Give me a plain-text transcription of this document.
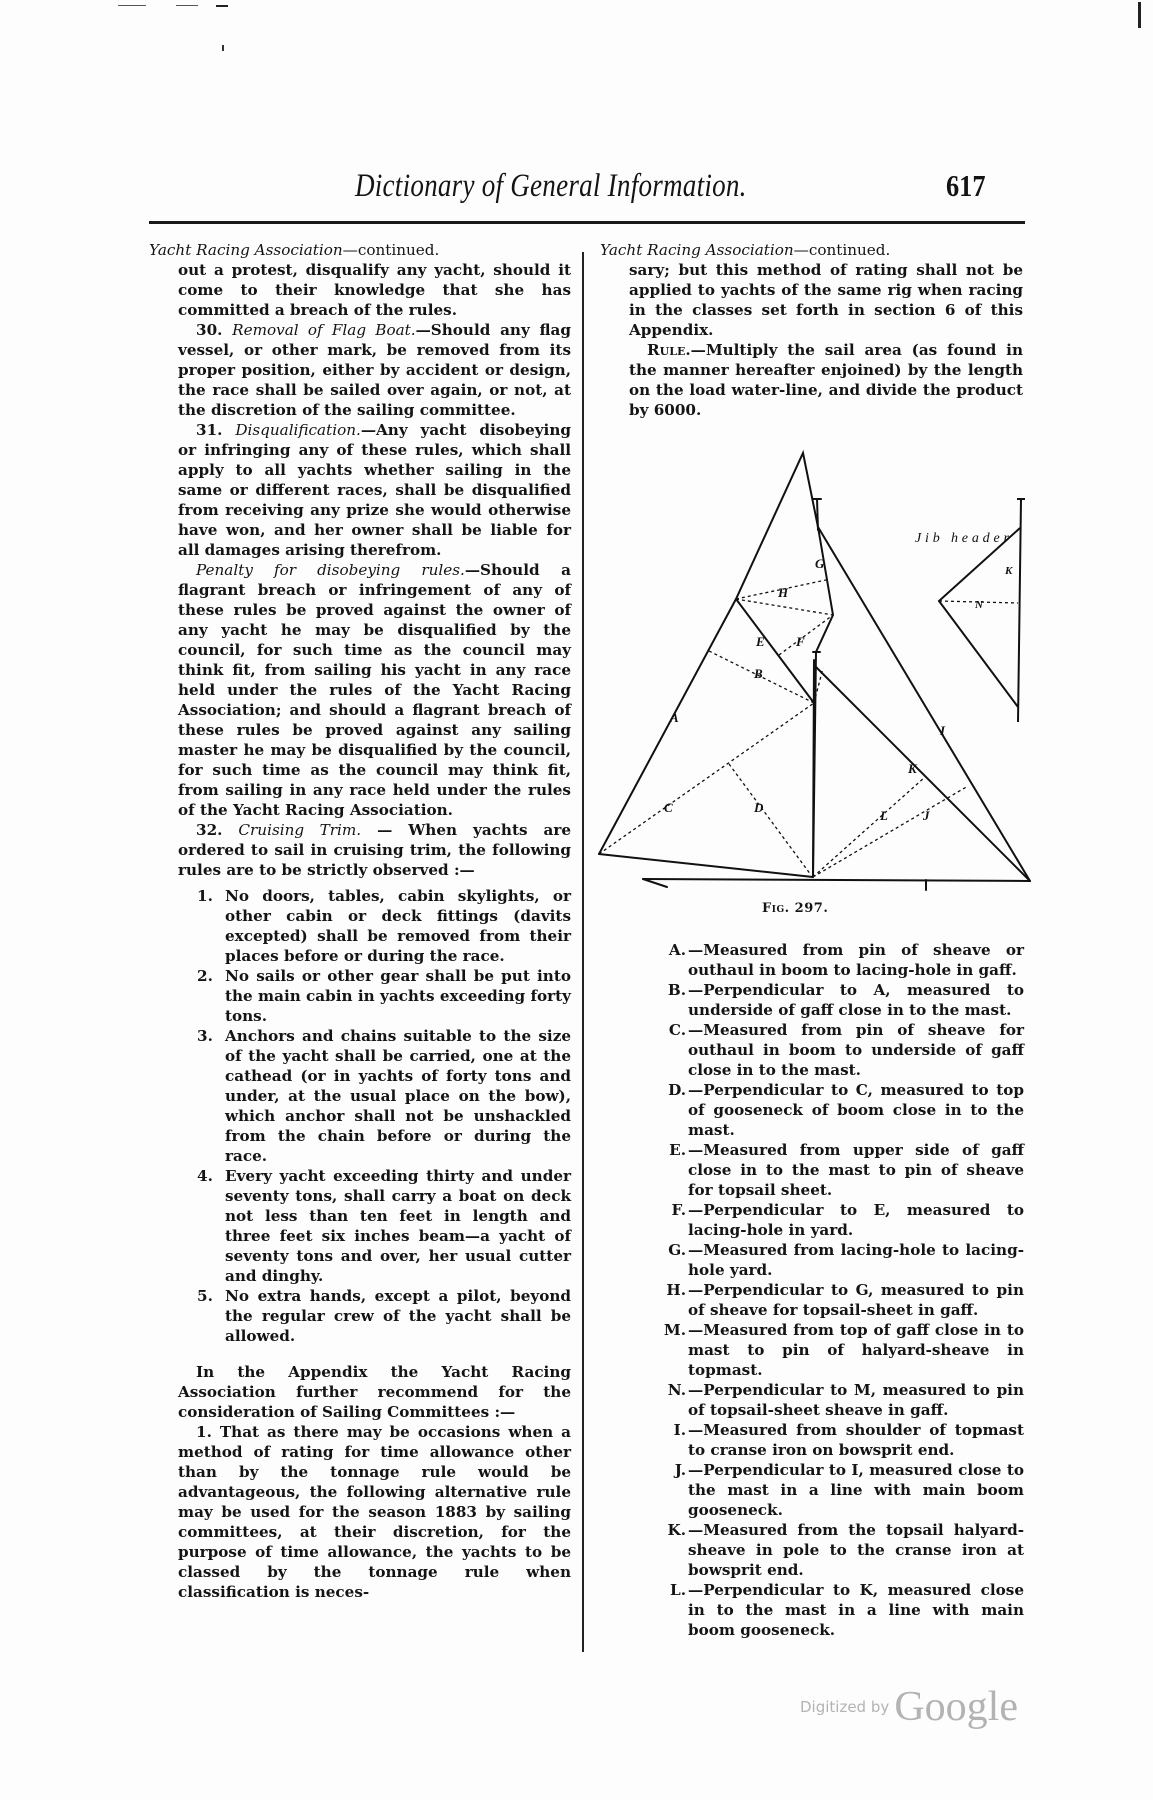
Dictionary of General Information.	617

Yacht Racing Association—continued.

out a protest, disqualify any yacht, should it come to their knowledge that she has committed a breach of the rules.

30. Removal of Flag Boat.—Should any flag vessel, or other mark, be removed from its proper position, either by accident or design, the race shall be sailed over again, or not, at the discretion of the sailing committee.

31. Disqualification.—Any yacht disobeying or infringing any of these rules, which shall apply to all yachts whether sailing in the same or different races, shall be disqualified from receiving any prize she would otherwise have won, and her owner shall be liable for all damages arising therefrom.

Penalty for disobeying rules.—Should a flagrant breach or infringement of any of these rules be proved against the owner of any yacht he may be disqualified by the council, for such time as the council may think fit, from sailing his yacht in any race held under the rules of the Yacht Racing Association; and should a flagrant breach of these rules be proved against any sailing master he may be disqualified by the council, for such time as the council may think fit, from sailing in any race held under the rules of the Yacht Racing Association.

32. Cruising Trim. — When yachts are ordered to sail in cruising trim, the following rules are to be strictly observed :—

1. No doors, tables, cabin skylights, or other cabin or deck fittings (davits excepted) shall be removed from their places before or during the race.
2. No sails or other gear shall be put into the main cabin in yachts exceeding forty tons.
3. Anchors and chains suitable to the size of the yacht shall be carried, one at the cathead (or in yachts of forty tons and under, at the usual place on the bow), which anchor shall not be unshackled from the chain before or during the race.
4. Every yacht exceeding thirty and under seventy tons, shall carry a boat on deck not less than ten feet in length and three feet six inches beam—a yacht of seventy tons and over, her usual cutter and dinghy.
5. No extra hands, except a pilot, beyond the regular crew of the yacht shall be allowed.

In the Appendix the Yacht Racing Association further recommend for the consideration of Sailing Committees :—

1. That as there may be occasions when a method of rating for time allowance other than by the tonnage rule would be advantageous, the following alternative rule may be used for the season 1883 by sailing committees, at their discretion, for the purpose of time allowance, the yachts to be classed by the tonnage rule when classification is neces-

Yacht Racing Association—continued.

sary; but this method of rating shall not be applied to yachts of the same rig when racing in the classes set forth in section 6 of this Appendix.

Rule.—Multiply the sail area (as found in the manner hereafter enjoined) by the length on the load water-line, and divide the product by 6000.

A
B
C	D
E F
G
H
I
J
K
L
K
N
Jib header
Fig. 297.
A. —Measured from pin of sheave or outhaul in boom to lacing-hole in gaff.
B. —Perpendicular to A, measured to underside of gaff close in to the mast.
C. —Measured from pin of sheave for outhaul in boom to underside of gaff close in to the mast.
D. —Perpendicular to C, measured to top of gooseneck of boom close in to the mast.
E. —Measured from upper side of gaff close in to the mast to pin of sheave for topsail sheet.
F. —Perpendicular to E, measured to lacing-hole in yard.
G. —Measured from lacing-hole to lacing-hole yard.
H. —Perpendicular to G, measured to pin of sheave for topsail-sheet in gaff.
M. —Measured from top of gaff close in to mast to pin of halyard-sheave in topmast.
N. —Perpendicular to M, measured to pin of topsail-sheet sheave in gaff.
I. —Measured from shoulder of topmast to cranse iron on bowsprit end.
J. —Perpendicular to I, measured close to the mast in a line with main boom gooseneck.
K. —Measured from the topsail halyard-sheave in pole to the cranse iron at bowsprit end.
L. —Perpendicular to K, measured close in to the mast in a line with main boom gooseneck.
Digitized by Google
